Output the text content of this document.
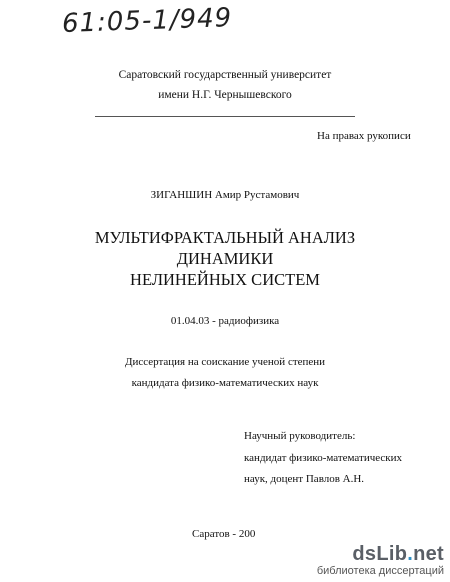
61:05-1/949
Саратовский государственный университет
имени Н.Г. Чернышевского
На правах рукописи
ЗИГАНШИН Амир Рустамович
МУЛЬТИФРАКТАЛЬНЫЙ АНАЛИЗ
ДИНАМИКИ
НЕЛИНЕЙНЫХ СИСТЕМ
01.04.03 - радиофизика
Диссертация на соискание ученой степени
кандидата физико-математических наук
Научный руководитель:
кандидат физико-математических
наук, доцент Павлов А.Н.
Саратов - 200
dsLib.net
библиотека диссертаций
